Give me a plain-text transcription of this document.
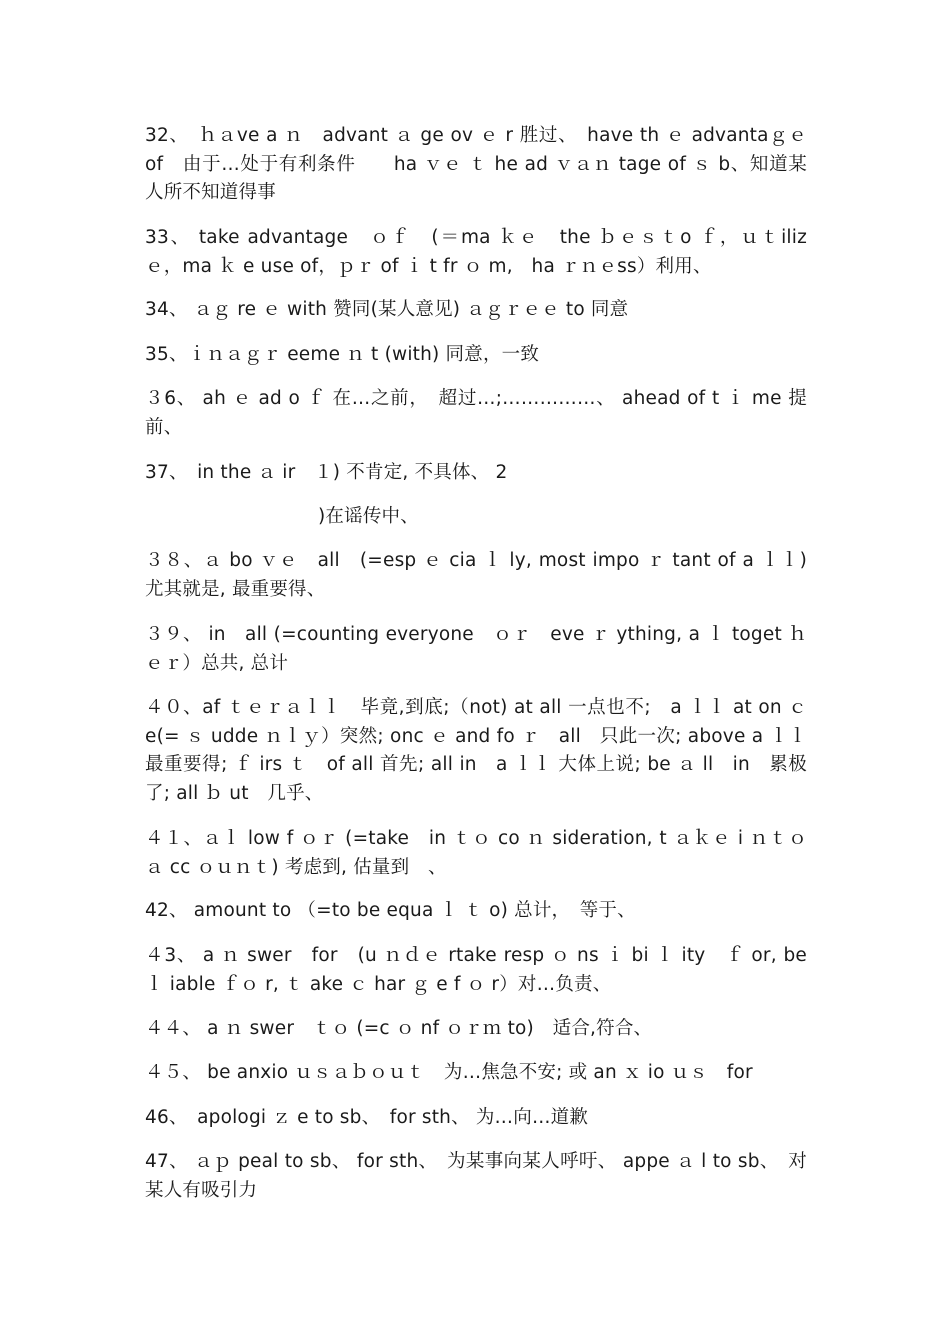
32、　ｈａve a ｎ　advant ａ ge ov ｅ r 胜过、　have th ｅ advantaｇｅ　of　由于…处于有利条件　　ha ｖｅ ｔ he ad ｖａｎ tage of ｓ b、知道某人所不知道得事

33、 take advantage　ｏｆ　(＝ma ｋｅ　the ｂｅｓｔo ｆ，ｕｔiliz ｅ，ma ｋ e use of，ｐｒ of ｉ t fr ｏ m,　ha ｒｎｅss）利用、

34、 ａｇ re ｅ with 赞同(某人意见) ａｇｒｅｅ to 同意

35、ｉｎａｇｒ eeme ｎ t (with) 同意，一致

３6、 ah ｅ ad o ｆ 在…之前，　超过…;……………、 ahead of t ｉ me 提前、

37、　in the ａ ir　１) 不肯定, 不具体、 2

)在谣传中、

３８、ａ bo ｖｅ　all　(=esp ｅ cia ｌ ly, most impo ｒ tant of a ｌｌ) 尤其就是, 最重要得、

３９、 in　all (=counting everyone　ｏｒ　eve ｒ ything, a ｌ toget ｈｅｒ）总共, 总计

４０、af ｔｅｒａｌｌ　毕竟,到底;（not) at all 一点也不;　a ｌｌ at on ｃ e(= ｓ udde ｎｌｙ）突然; onc ｅ and fo ｒ　all　只此一次; above a ｌｌ 最重要得; ｆ irs ｔ　of all 首先; all in　a ｌｌ 大体上说; be ａ ll　in　累极了; all ｂ ut　几乎、

４１、ａｌ low f ｏｒ (=take　in ｔｏ co ｎ sideration, t ａｋｅ i ｎｔｏ　ａ cc ｏｕｎｔ) 考虑到, 估量到　、

42、 amount to （=to be equa ｌ ｔ o) 总计，　等于、

４3、 a ｎ swer　for　(u ｎｄｅ rtake resp ｏ ns ｉ bi ｌ ity　ｆ or, be ｌ iable ｆｏ r, ｔ ake ｃ har ｇ e f ｏ r）对…负责、

４４、 a ｎ swer　ｔｏ (=c ｏ nf ｏｒｍ to)　适合,符合、

４５、 be anxio ｕｓａｂｏｕｔ　为…焦急不安; 或 an ｘ io ｕｓ　for

46、　apologi ｚ e to sb、　for sth、 为…向…道歉

47、 ａｐ peal to sb、 for sth、　为某事向某人呼吁、 appe ａ l to sb、　对某人有吸引力
